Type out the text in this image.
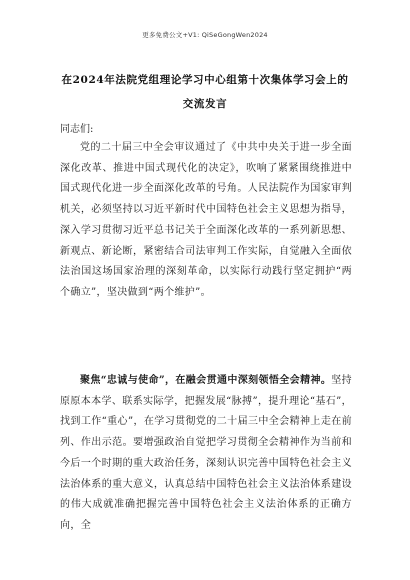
更多免费公文+V1: QiSeGongWen2024
在2024年法院党组理论学习中心组第十次集体学习会上的
交流发言
同志们:
党的二十届三中全会审议通过了《中共中央关于进一步全面深化改革、推进中国式现代化的决定》，吹响了紧紧围绕推进中国式现代化进一步全面深化改革的号角。人民法院作为国家审判机关，必须坚持以习近平新时代中国特色社会主义思想为指导，深入学习贯彻习近平总书记关于全面深化改革的一系列新思想、新观点、新论断，紧密结合司法审判工作实际，自觉融入全面依法治国这场国家治理的深刻革命，以实际行动践行坚定拥护“两个确立”，坚决做到“两个维护”。
聚焦“忠诚与使命”，在融会贯通中深刻领悟全会精神。坚持原原本本学、联系实际学，把握发展“脉搏”，提升理论“基石”，找到工作“重心”，在学习贯彻党的二十届三中全会精神上走在前列、作出示范。要增强政治自觉把学习贯彻全会精神作为当前和今后一个时期的重大政治任务，深刻认识完善中国特色社会主义法治体系的重大意义，认真总结中国特色社会主义法治体系建设的伟大成就准确把握完善中国特色社会主义法治体系的正确方向，全
